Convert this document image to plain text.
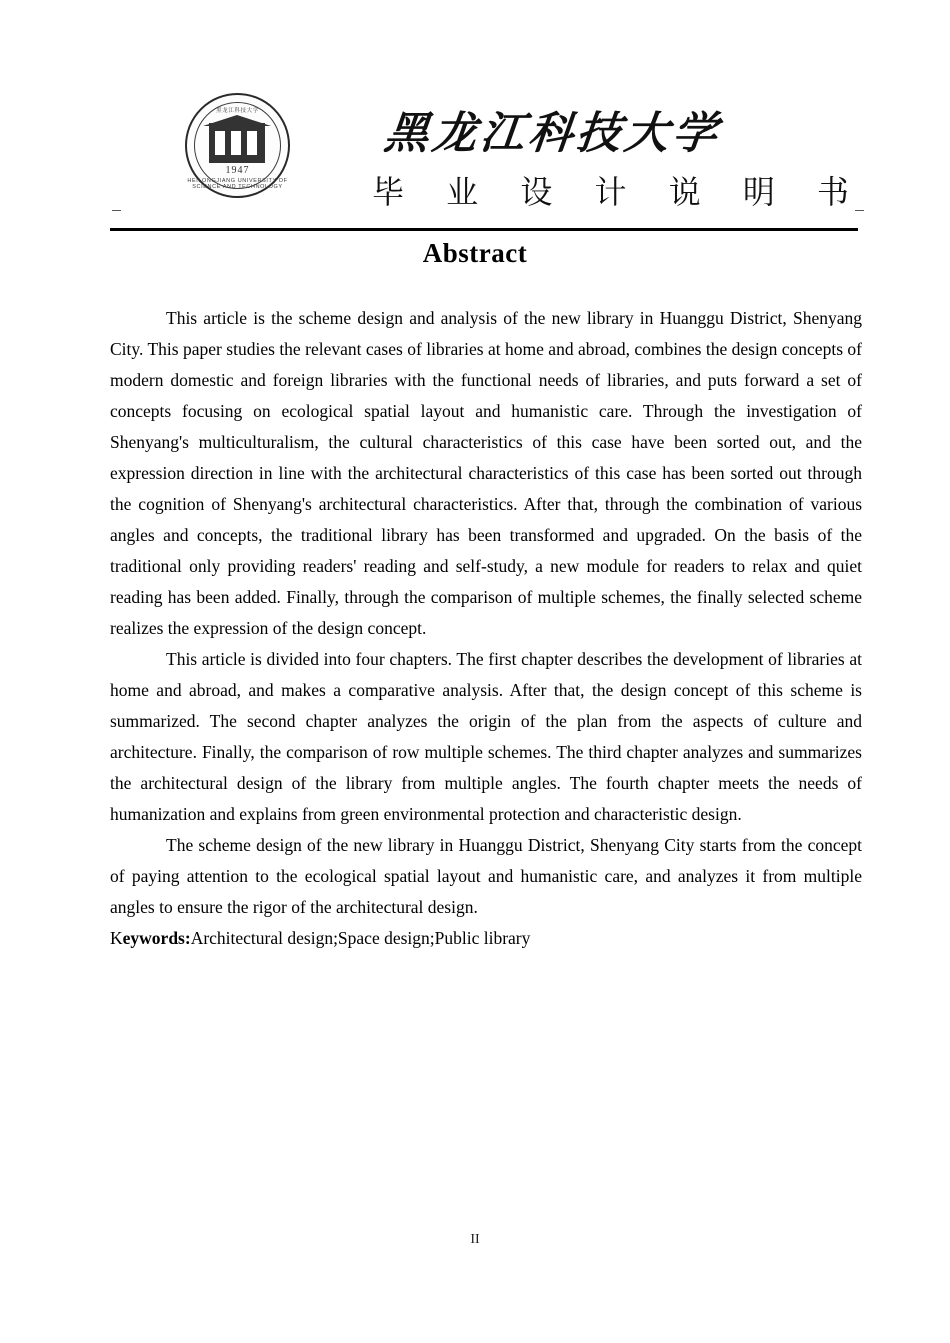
黑龙江科技大学
1947
HEILONGJIANG UNIVERSITY OF SCIENCE AND TECHNOLOGY
黑龙江科技大学
毕 业 设 计 说 明 书
Abstract

This article is the scheme design and analysis of the new library in Huanggu District, Shenyang City. This paper studies the relevant cases of libraries at home and abroad, combines the design concepts of modern domestic and foreign libraries with the functional needs of libraries, and puts forward a set of concepts focusing on ecological spatial layout and humanistic care. Through the investigation of Shenyang's multiculturalism, the cultural characteristics of this case have been sorted out, and the expression direction in line with the architectural characteristics of this case has been sorted out through the cognition of Shenyang's architectural characteristics. After that, through the combination of various angles and concepts, the traditional library has been transformed and upgraded. On the basis of the traditional only providing readers' reading and self-study, a new module for readers to relax and quiet reading has been added. Finally, through the comparison of multiple schemes, the finally selected scheme realizes the expression of the design concept.

This article is divided into four chapters. The first chapter describes the development of libraries at home and abroad, and makes a comparative analysis. After that, the design concept of this scheme is summarized. The second chapter analyzes the origin of the plan from the aspects of culture and architecture. Finally, the comparison of row multiple schemes. The third chapter analyzes and summarizes the architectural design of the library from multiple angles. The fourth chapter meets the needs of humanization and explains from green environmental protection and characteristic design.

The scheme design of the new library in Huanggu District, Shenyang City starts from the concept of paying attention to the ecological spatial layout and humanistic care, and analyzes it from multiple angles to ensure the rigor of the architectural design.

Keywords:Architectural design;Space design;Public library

II
